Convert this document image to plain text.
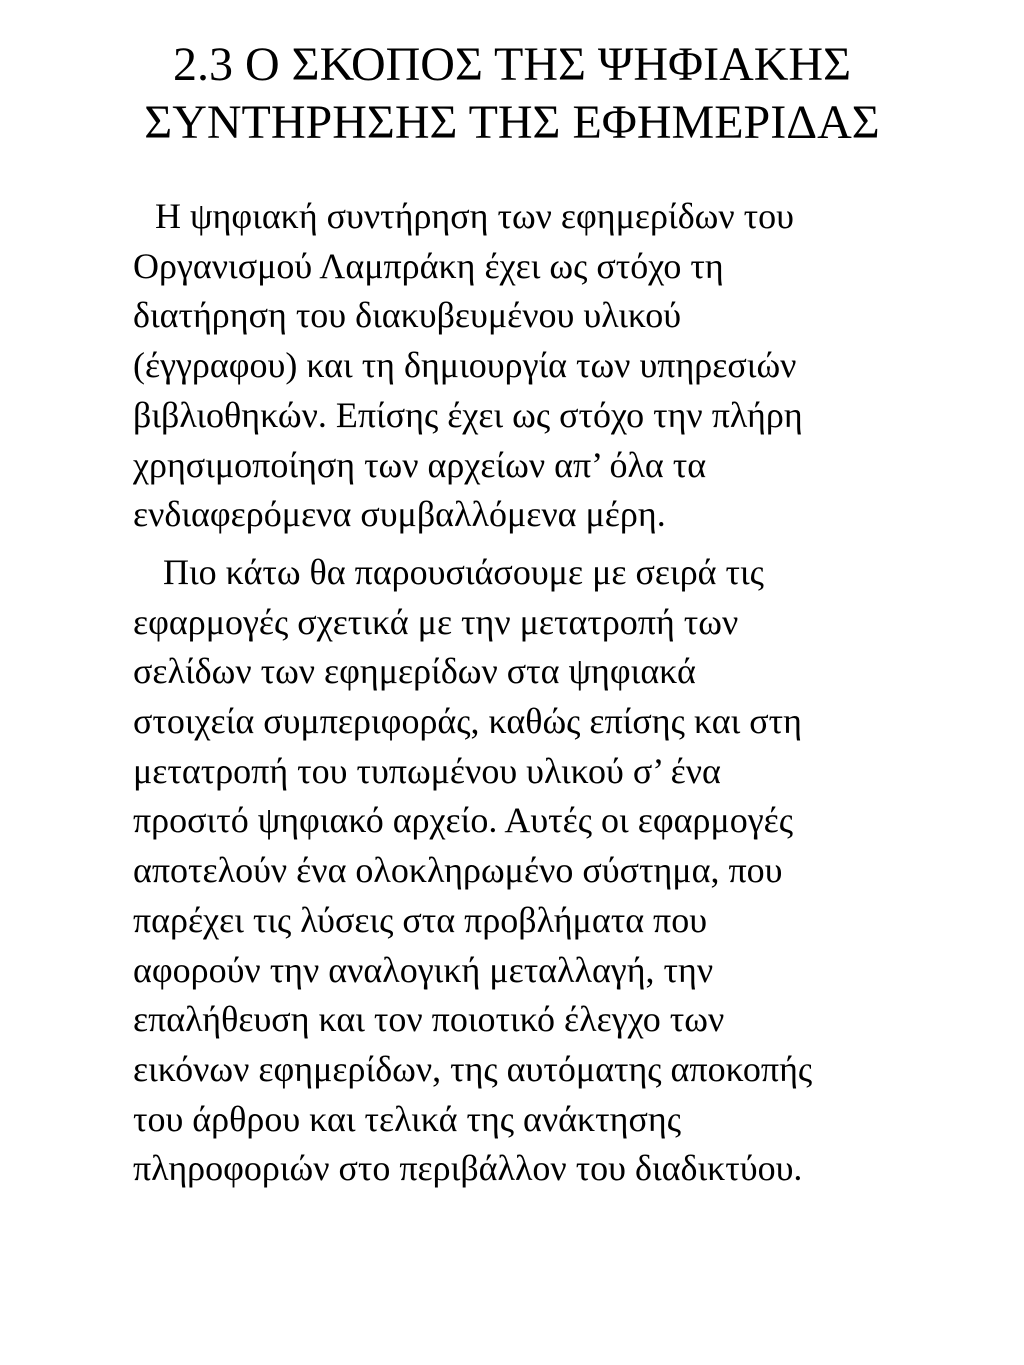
2.3 Ο ΣΚΟΠΟΣ ΤΗΣ ΨΗΦΙΑΚΗΣ
ΣΥΝΤΗΡΗΣΗΣ ΤΗΣ ΕΦΗΜΕΡΙΔΑΣ

Η ψηφιακή συντήρηση των εφημερίδων του
Οργανισμού Λαμπράκη έχει ως στόχο τη
διατήρηση του διακυβευμένου υλικού
(έγγραφου) και τη δημιουργία των υπηρεσιών
βιβλιοθηκών. Επίσης έχει ως στόχο την πλήρη
χρησιμοποίηση των αρχείων απ’ όλα τα
ενδιαφερόμενα συμβαλλόμενα μέρη.

Πιο κάτω θα παρουσιάσουμε με σειρά τις
εφαρμογές σχετικά με την μετατροπή των
σελίδων των εφημερίδων στα ψηφιακά
στοιχεία συμπεριφοράς, καθώς επίσης και στη
μετατροπή του τυπωμένου υλικού σ’ ένα
προσιτό ψηφιακό αρχείο. Αυτές οι εφαρμογές
αποτελούν ένα ολοκληρωμένο σύστημα, που
παρέχει τις λύσεις στα προβλήματα που
αφορούν την αναλογική μεταλλαγή, την
επαλήθευση και τον ποιοτικό έλεγχο των
εικόνων εφημερίδων, της αυτόματης αποκοπής
του άρθρου και τελικά της ανάκτησης
πληροφοριών στο περιβάλλον του διαδικτύου.
